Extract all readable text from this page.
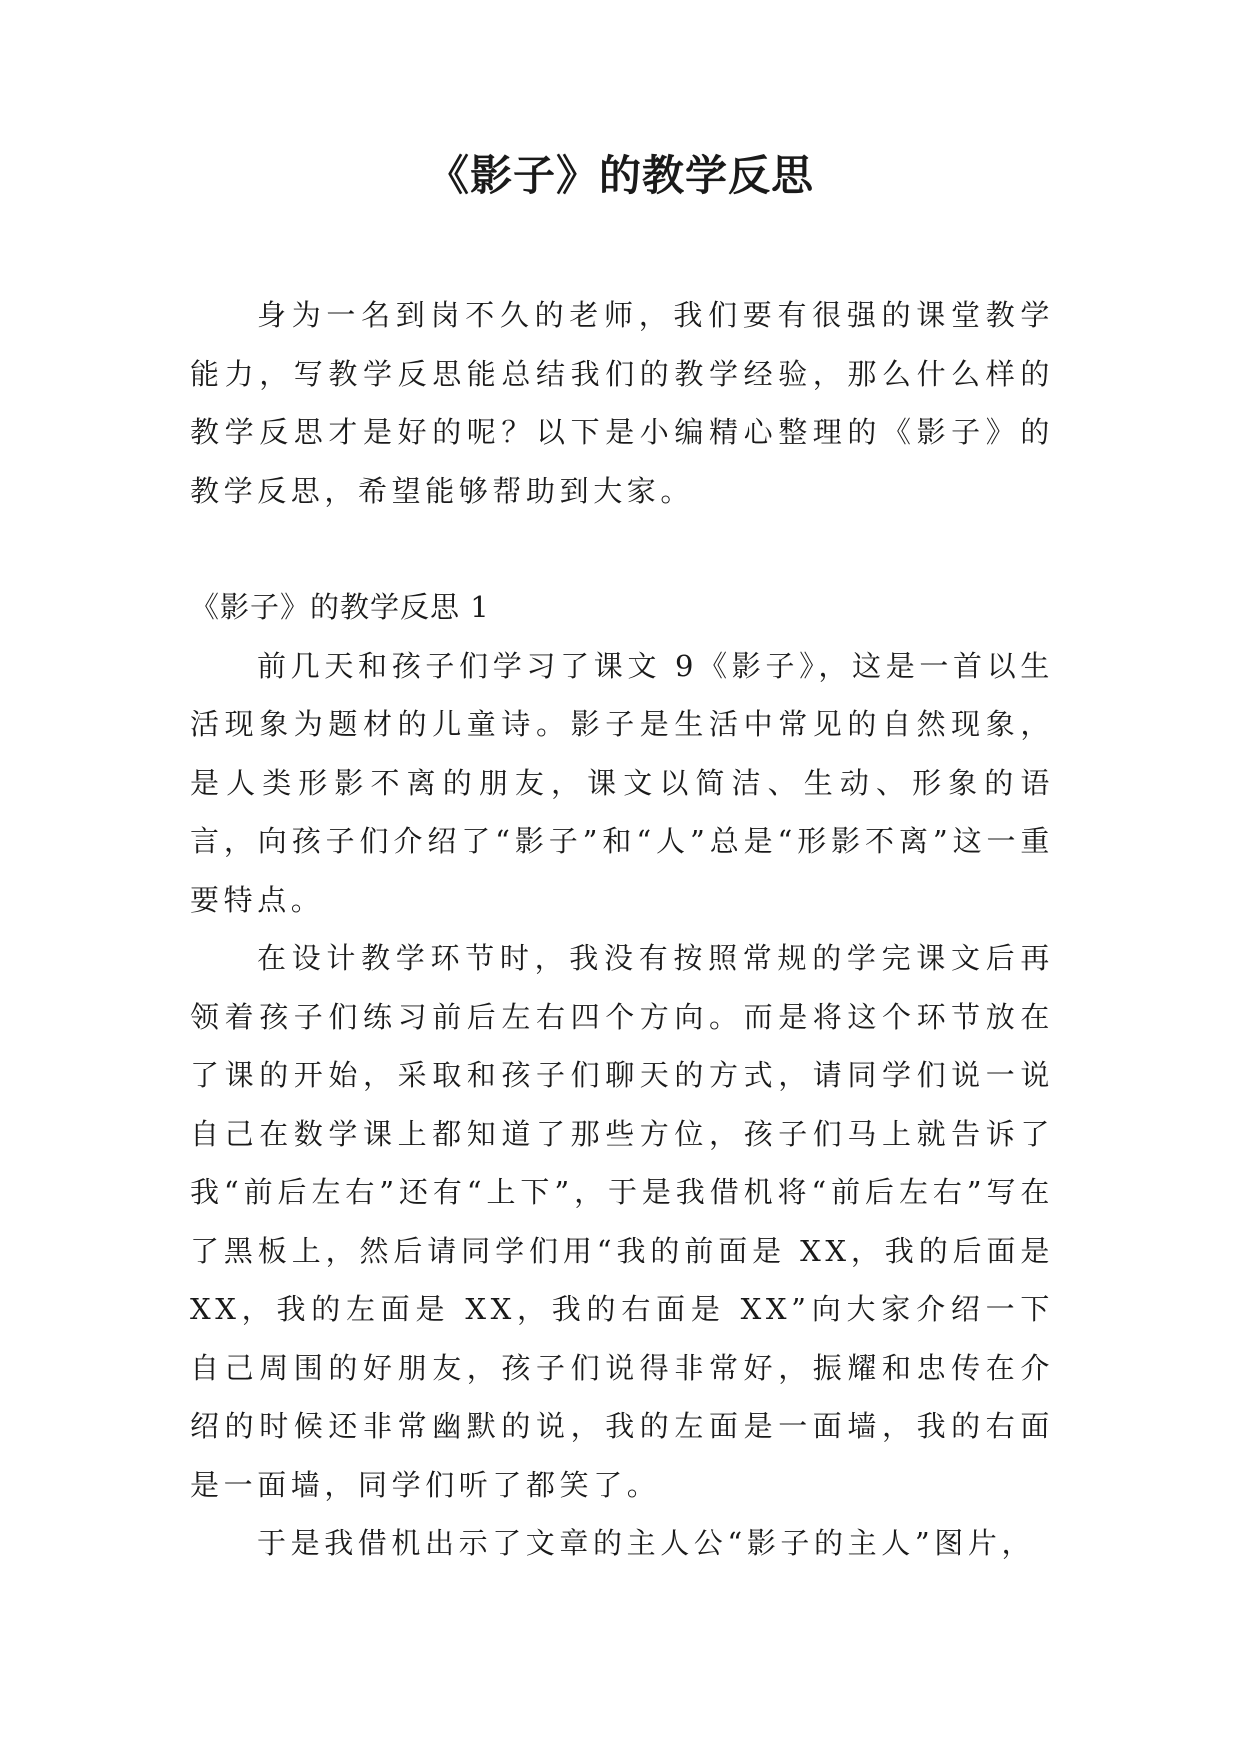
《影子》的教学反思

身为一名到岗不久的老师，我们要有很强的课堂教学能力，写教学反思能总结我们的教学经验，那么什么样的教学反思才是好的呢？以下是小编精心整理的《影子》的教学反思，希望能够帮助到大家。

《影子》的教学反思 1

前几天和孩子们学习了课文 9《影子》，这是一首以生活现象为题材的儿童诗。影子是生活中常见的自然现象，是人类形影不离的朋友，课文以简洁、生动、形象的语言，向孩子们介绍了“影子”和“人”总是“形影不离”这一重要特点。

在设计教学环节时，我没有按照常规的学完课文后再领着孩子们练习前后左右四个方向。而是将这个环节放在了课的开始，采取和孩子们聊天的方式，请同学们说一说自己在数学课上都知道了那些方位，孩子们马上就告诉了我“前后左右”还有“上下”，于是我借机将“前后左右”写在了黑板上，然后请同学们用“我的前面是 XX，我的后面是 XX，我的左面是 XX，我的右面是 XX”向大家介绍一下自己周围的好朋友，孩子们说得非常好，振耀和忠传在介绍的时候还非常幽默的说，我的左面是一面墙，我的右面是一面墙，同学们听了都笑了。

于是我借机出示了文章的主人公“影子的主人”图片，
